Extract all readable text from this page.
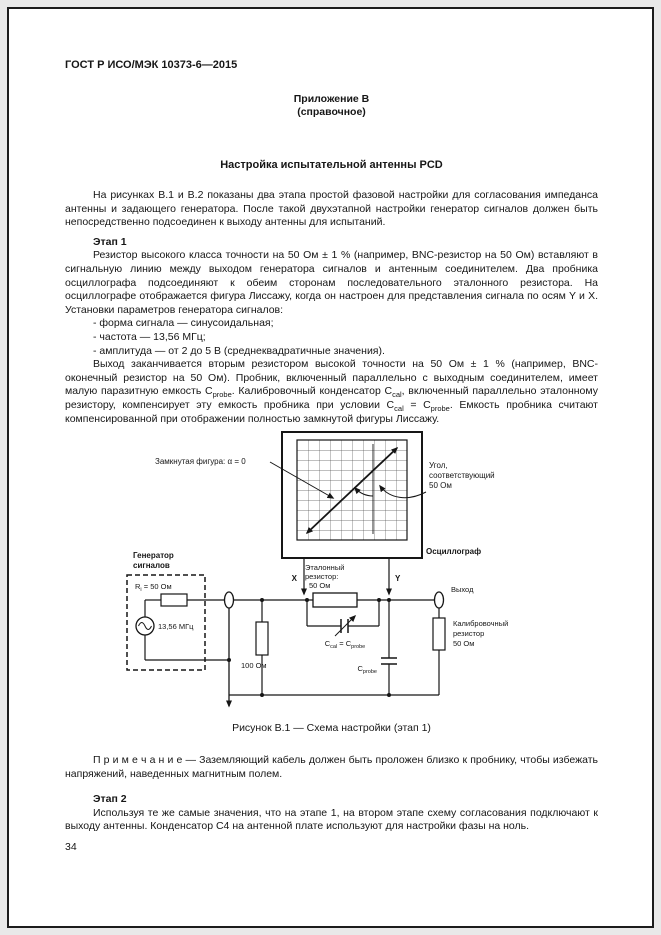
ГОСТ Р ИСО/МЭК 10373-6—2015
Приложение В
(справочное)
Настройка испытательной антенны PCD

На рисунках В.1 и В.2 показаны два этапа простой фазовой настройки для согласования импеданса антенны и задающего генератора. После такой двухэтапной настройки генератор сигналов должен быть непосредственно подсоединен к выходу антенны для испытаний.

Этап 1

Резистор высокого класса точности на 50 Ом ± 1 % (например, BNC-резистор на 50 Ом) вставляют в сигнальную линию между выходом генератора сигналов и антенным соединителем. Два пробника осциллографа подсоединяют к обеим сторонам последовательного эталонного резистора. На осциллографе отображается фигура Лиссажу, когда он настроен для представления сигнала по осям Y и X. Установки параметров генератора сигналов:

- форма сигнала — синусоидальная;

- частота — 13,56 МГц;

- амплитуда — от 2 до 5 В (среднеквадратичные значения).

Выход заканчивается вторым резистором высокой точности на 50 Ом ± 1 % (например, BNC-оконечный резистор на 50 Ом). Пробник, включенный параллельно с выходным соединителем, имеет малую паразитную емкость $C_{probe}$. Калибровочный конденсатор $C_{cal}$, включенный параллельно эталонному резистору, компенсирует эту емкость пробника при условии $C_{cal} = C_{probe}$. Емкость пробника считают компенсированной при отображении полностью замкнутой фигуры Лиссажу.

Замкнутая фигура: α = 0	Угол,
соответствующий
50 Ом
Осциллограф
X	Y
Генератор
сигналов
$R_i = 50$ Ом
13,56 МГц
100 Ом
Эталонный
резистор:
50 Ом
$C_{cal} = C_{probe}$
$C_{probe}$
Выход
Калибровочный
резистор
50 Ом

Рисунок В.1 — Схема настройки (этап 1)

П р и м е ч а н и е — Заземляющий кабель должен быть проложен близко к пробнику, чтобы избежать напряжений, наведенных магнитным полем.

Этап 2

Используя те же самые значения, что на этапе 1, на втором этапе схему согласования подключают к выходу антенны. Конденсатор C4 на антенной плате используют для настройки фазы на ноль.

34
